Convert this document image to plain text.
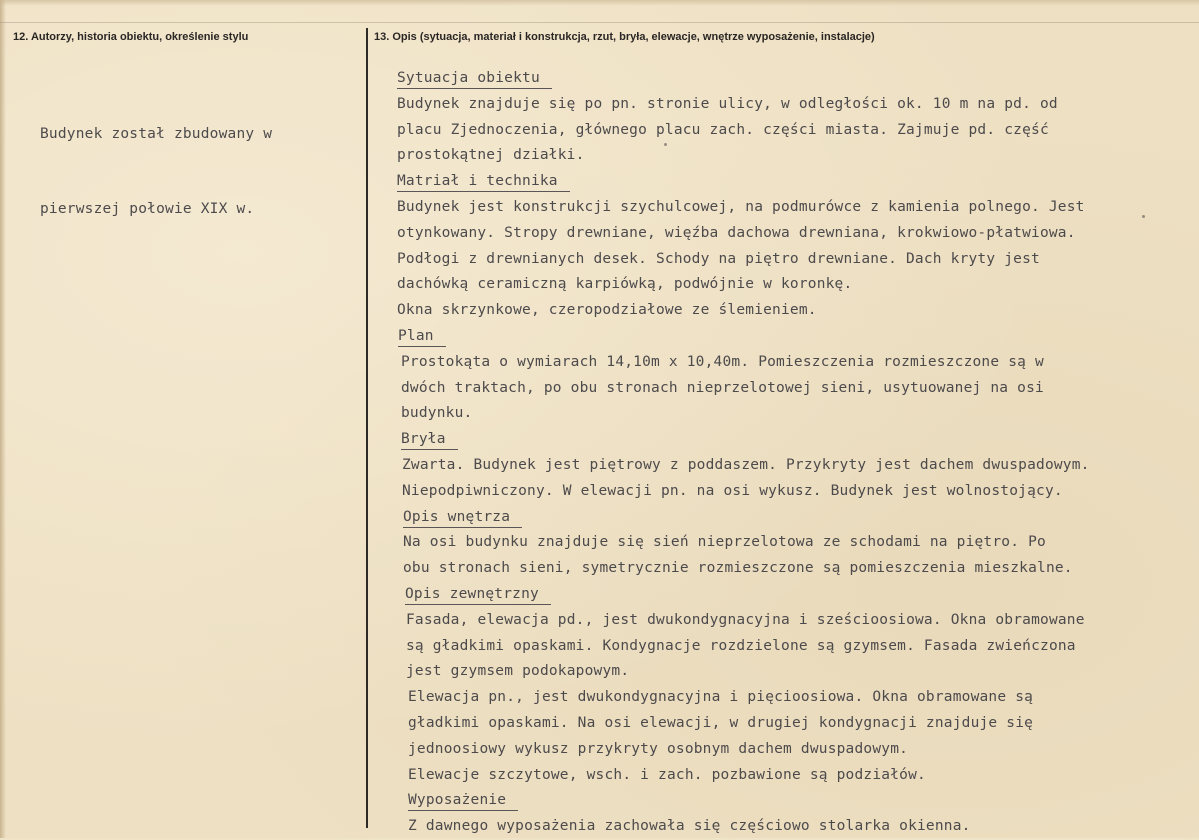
12. Autorzy, historia obiektu, określenie stylu	13. Opis (sytuacja, materiał i konstrukcja, rzut, bryła, elewacje, wnętrze wyposażenie, instalacje)

Budynek został zbudowany w

pierwszej połowie XIX w.

Sytuacja obiektu
Budynek znajduje się po pn. stronie ulicy, w odległości ok. 10 m na pd. od
placu Zjednoczenia, głównego placu zach. części miasta. Zajmuje pd. część
prostokątnej działki.
Matriał i technika
Budynek jest konstrukcji szychulcowej, na podmurówce z kamienia polnego. Jest
otynkowany. Stropy drewniane, więźba dachowa drewniana, krokwiowo-płatwiowa.
Podłogi z drewnianych desek. Schody na piętro drewniane. Dach kryty jest
dachówką ceramiczną karpiówką, podwójnie w koronkę.
Okna skrzynkowe, czeropodziałowe ze ślemieniem.
Plan
Prostokąta o wymiarach 14,10m x 10,40m. Pomieszczenia rozmieszczone są w
dwóch traktach, po obu stronach nieprzelotowej sieni, usytuowanej na osi
budynku.
Bryła
Zwarta. Budynek jest piętrowy z poddaszem. Przykryty jest dachem dwuspadowym.
Niepodpiwniczony. W elewacji pn. na osi wykusz. Budynek jest wolnostojący.
Opis wnętrza
Na osi budynku znajduje się sień nieprzelotowa ze schodami na piętro. Po
obu stronach sieni, symetrycznie rozmieszczone są pomieszczenia mieszkalne.
Opis zewnętrzny
Fasada, elewacja pd., jest dwukondygnacyjna i sześcioosiowa. Okna obramowane
są gładkimi opaskami. Kondygnacje rozdzielone są gzymsem. Fasada zwieńczona
jest gzymsem podokapowym.
Elewacja pn., jest dwukondygnacyjna i pięcioosiowa. Okna obramowane są
gładkimi opaskami. Na osi elewacji, w drugiej kondygnacji znajduje się
jednoosiowy wykusz przykryty osobnym dachem dwuspadowym.
Elewacje szczytowe, wsch. i zach. pozbawione są podziałów.
Wyposażenie
Z dawnego wyposażenia zachowała się częściowo stolarka okienna.
